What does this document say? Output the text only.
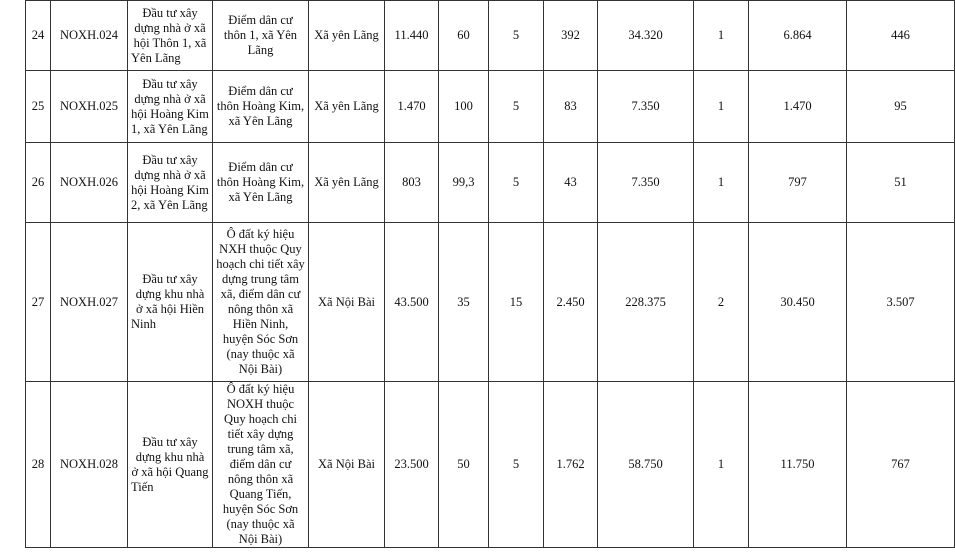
24	NOXH.024	Đầu tư xây dựng nhà ở xã hội Thôn 1, xã Yên Lãng	Điểm dân cư thôn 1, xã Yên Lãng	Xã yên Lãng	11.440	60	5	392	34.320	1	6.864	446
25	NOXH.025	Đầu tư xây dựng nhà ở xã hội Hoàng Kim 1, xã Yên Lãng	Điểm dân cư thôn Hoàng Kim, xã Yên Lãng	Xã yên Lãng	1.470	100	5	83	7.350	1	1.470	95
26	NOXH.026	Đầu tư xây dựng nhà ở xã hội Hoàng Kim 2, xã Yên Lãng	Điểm dân cư thôn Hoàng Kim, xã Yên Lãng	Xã yên Lãng	803	99,3	5	43	7.350	1	797	51
27	NOXH.027	Đầu tư xây dựng khu nhà ở xã hội Hiền Ninh	Ô đất ký hiệu NXH thuộc Quy hoạch chi tiết xây dựng trung tâm xã, điểm dân cư nông thôn xã Hiền Ninh, huyện Sóc Sơn (nay thuộc xã Nội Bài)	Xã Nội Bài	43.500	35	15	2.450	228.375	2	30.450	3.507
28	NOXH.028	Đầu tư xây dựng khu nhà ở xã hội Quang Tiến	Ô đất ký hiệu NOXH thuộc Quy hoạch chi tiết xây dựng trung tâm xã, điểm dân cư nông thôn xã Quang Tiến, huyện Sóc Sơn (nay thuộc xã Nội Bài)	Xã Nội Bài	23.500	50	5	1.762	58.750	1	11.750	767
